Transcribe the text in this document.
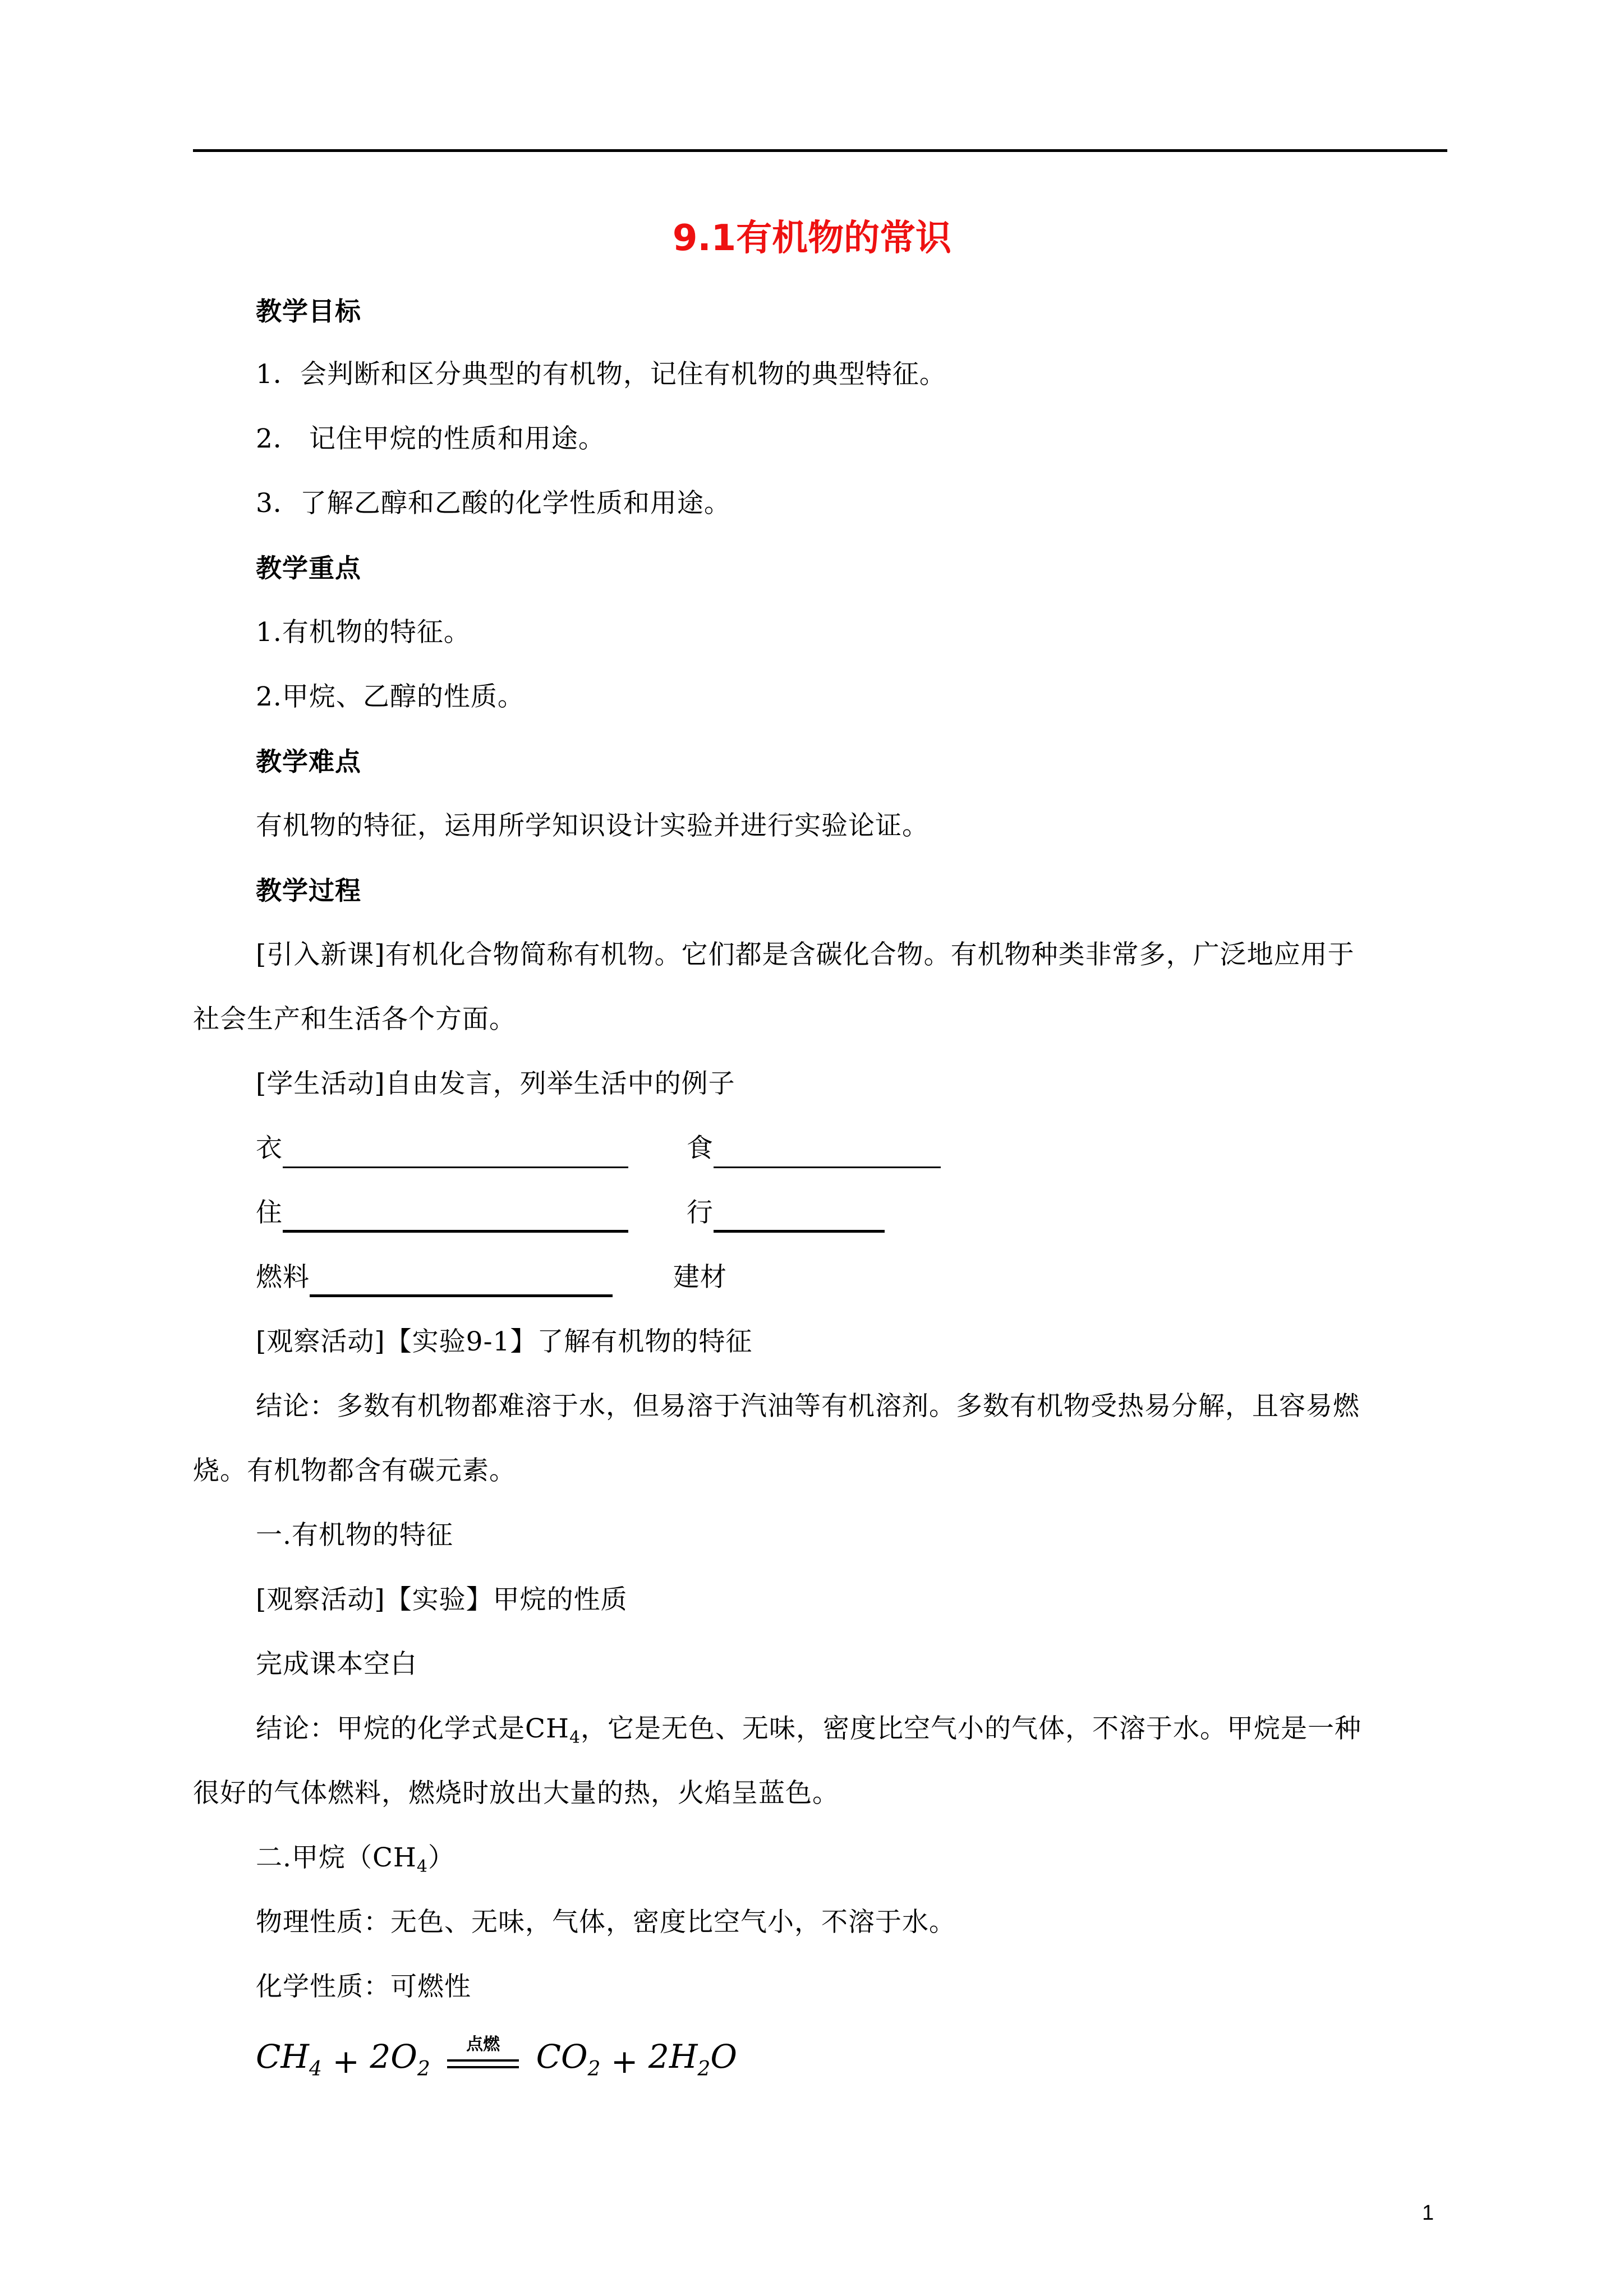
9.1有机物的常识
教学目标
1．会判断和区分典型的有机物，记住有机物的典型特征。
2． 记住甲烷的性质和用途。
3．了解乙醇和乙酸的化学性质和用途。
教学重点
1.有机物的特征。
2.甲烷、乙醇的性质。
教学难点
有机物的特征，运用所学知识设计实验并进行实验论证。
教学过程
[引入新课]有机化合物简称有机物。它们都是含碳化合物。有机物种类非常多，广泛地应用于
社会生产和生活各个方面。
[学生活动]自由发言，列举生活中的例子
衣	食
住	行
燃料	建材
[观察活动]【实验9-1】了解有机物的特征
结论：多数有机物都难溶于水，但易溶于汽油等有机溶剂。多数有机物受热易分解，且容易燃
烧。有机物都含有碳元素。
一.有机物的特征
[观察活动]【实验】甲烷的性质
完成课本空白
结论：甲烷的化学式是$CH_4$，它是无色、无味，密度比空气小的气体，不溶于水。甲烷是一种
很好的气体燃料，燃烧时放出大量的热，火焰呈蓝色。
二.甲烷$(CH_4)$
物理性质：无色、无味，气体，密度比空气小，不溶于水。
化学性质：可燃性
$CH_4 + 2O_2$
点燃	$CO_2 + 2H_2O$
1
